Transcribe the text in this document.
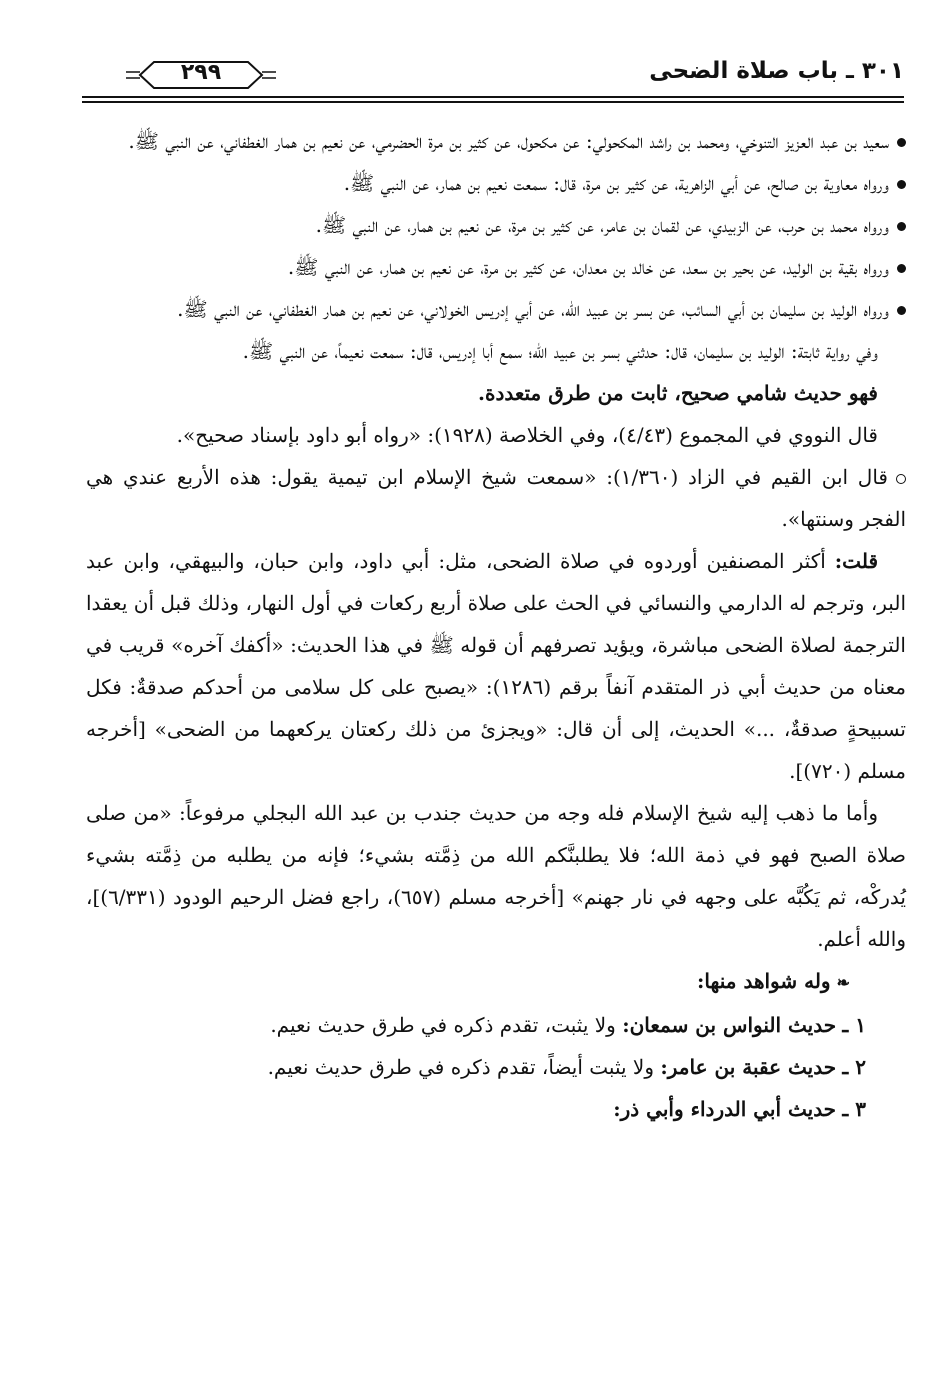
٣٠١ ـ باب صلاة الضحى
٢٩٩

سعيد بن عبد العزيز التنوخي، ومحمد بن راشد المكحولي: عن مكحول، عن كثير بن مرة الحضرمي، عن نعيم بن همار الغطفاني، عن النبي ﷺ.

ورواه معاوية بن صالح، عن أبي الزاهرية، عن كثير بن مرة، قال: سمعت نعيم بن همار، عن النبي ﷺ.

ورواه محمد بن حرب، عن الزبيدي، عن لقمان بن عامر، عن كثير بن مرة، عن نعيم بن همار، عن النبي ﷺ.

ورواه بقية بن الوليد، عن بحير بن سعد، عن خالد بن معدان، عن كثير بن مرة، عن نعيم بن همار، عن النبي ﷺ.

ورواه الوليد بن سليمان بن أبي السائب، عن بسر بن عبيد الله، عن أبي إدريس الخولاني، عن نعيم بن همار الغطفاني، عن النبي ﷺ.

وفي رواية ثابتة: الوليد بن سليمان، قال: حدثني بسر بن عبيد الله؛ سمع أبا إدريس، قال: سمعت نعيماً، عن النبي ﷺ.

فهو حديث شامي صحيح، ثابت من طرق متعددة.

قال النووي في المجموع (٤/٤٣)، وفي الخلاصة (١٩٢٨): «رواه أبو داود بإسناد صحيح».

قال ابن القيم في الزاد (١/٣٦٠): «سمعت شيخ الإسلام ابن تيمية يقول: هذه الأربع عندي هي الفجر وسنتها».

قلت: أكثر المصنفين أوردوه في صلاة الضحى، مثل: أبي داود، وابن حبان، والبيهقي، وابن عبد البر، وترجم له الدارمي والنسائي في الحث على صلاة أربع ركعات في أول النهار، وذلك قبل أن يعقدا الترجمة لصلاة الضحى مباشرة، ويؤيد تصرفهم أن قوله ﷺ في هذا الحديث: «أكفك آخره» قريب في معناه من حديث أبي ذر المتقدم آنفاً برقم (١٢٨٦): «يصبح على كل سلامى من أحدكم صدقةٌ: فكل تسبيحةٍ صدقةٌ، ...» الحديث، إلى أن قال: «ويجزئ من ذلك ركعتان يركعهما من الضحى» [أخرجه مسلم (٧٢٠)].

وأما ما ذهب إليه شيخ الإسلام فله وجه من حديث جندب بن عبد الله البجلي مرفوعاً: «من صلى صلاة الصبح فهو في ذمة الله؛ فلا يطلبنَّكم الله من ذِمَّته بشيء؛ فإنه من يطلبه من ذِمَّته بشيء يُدركْه، ثم يَكُبَّه على وجهه في نار جهنم» [أخرجه مسلم (٦٥٧)، راجع فضل الرحيم الودود (٦/٣٣١)]، والله أعلم.

❧وله شواهد منها:

١ ـ حديث النواس بن سمعان: ولا يثبت، تقدم ذكره في طرق حديث نعيم.

٢ ـ حديث عقبة بن عامر: ولا يثبت أيضاً، تقدم ذكره في طرق حديث نعيم.

٣ ـ حديث أبي الدرداء وأبي ذر:
